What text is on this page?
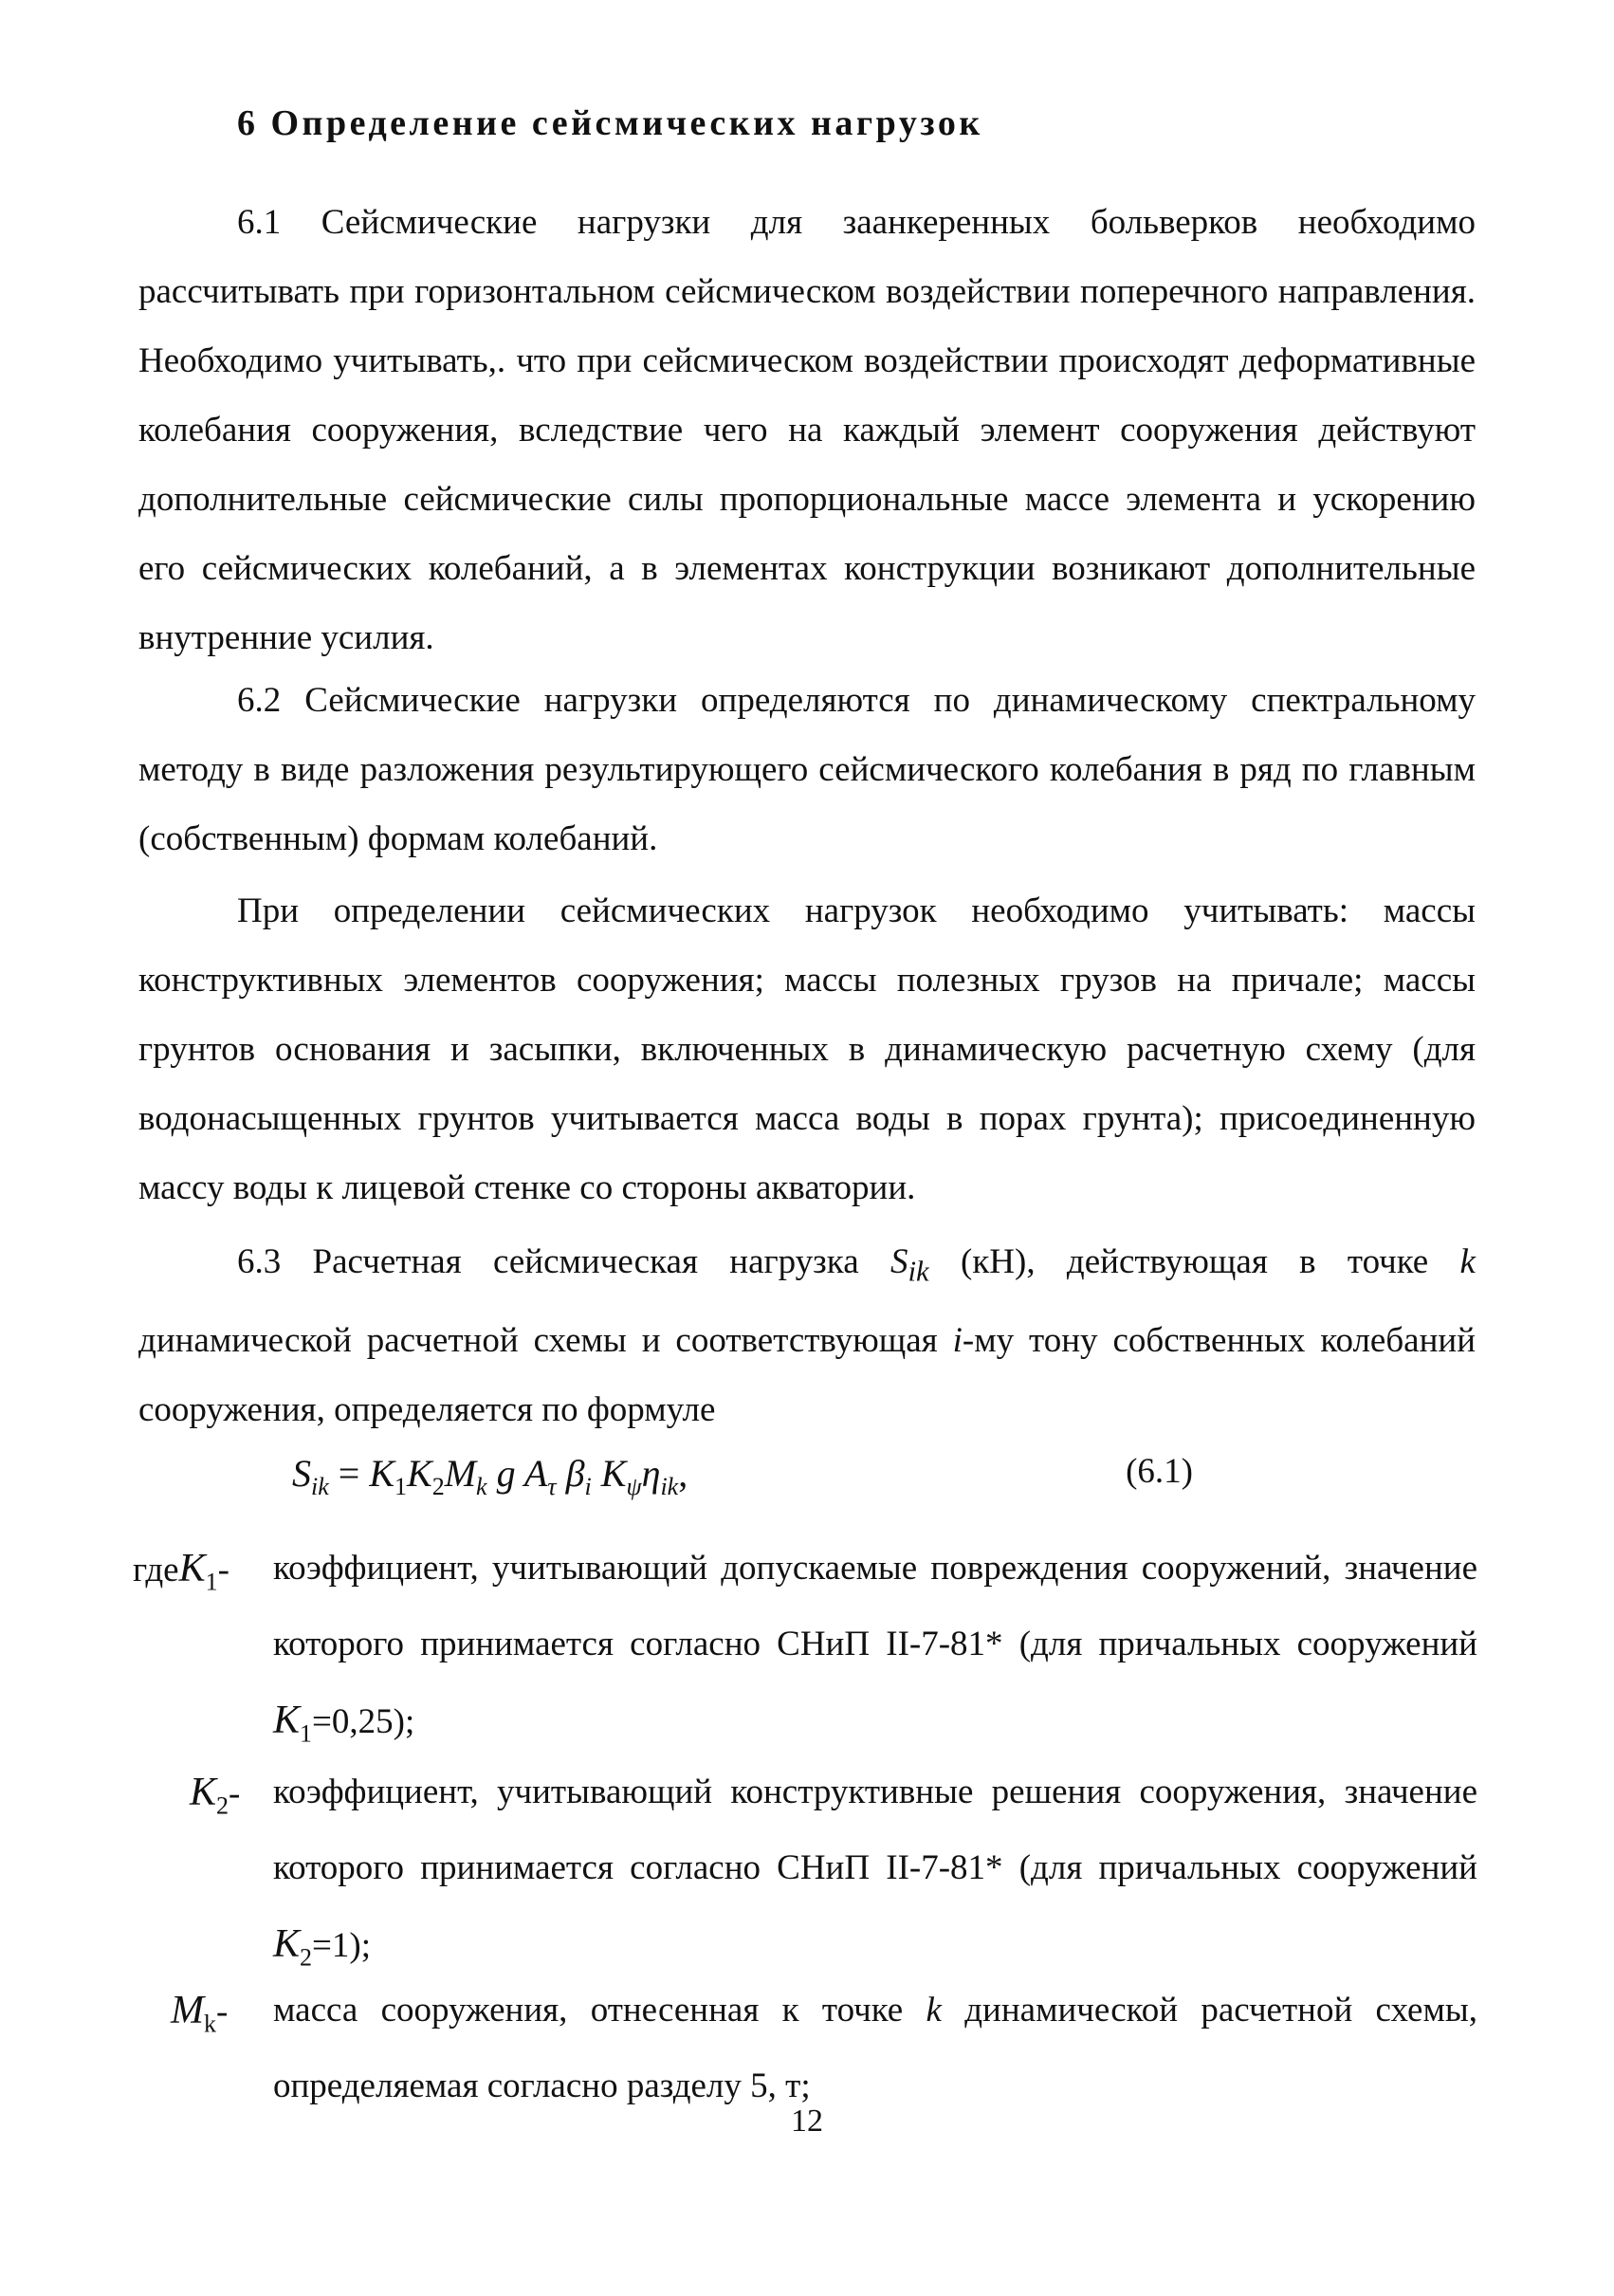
6 Определение сейсмических нагрузок

6.1 Сейсмические нагрузки для заанкеренных больверков необходимо рассчитывать при горизонтальном сейсмическом воздействии поперечного направления. Необходимо учитывать,. что при сейсмическом воздействии происходят деформативные колебания сооружения, вследствие чего на каждый элемент сооружения действуют дополнительные сейсмические силы пропорциональные массе элемента и ускорению его сейсмических колебаний, а в элементах конструкции возникают дополнительные внутренние усилия.

6.2 Сейсмические нагрузки определяются по динамическому спектральному методу в виде разложения результирующего сейсмического колебания в ряд по главным (собственным) формам колебаний.

При определении сейсмических нагрузок необходимо учитывать: массы конструктивных элементов сооружения; массы полезных грузов на причале; массы грунтов основания и засыпки, включенных в динамическую расчетную схему (для водонасыщенных грунтов учитывается масса воды в порах грунта); присоединенную массу воды к лицевой стенке со стороны акватории.

6.3 Расчетная сейсмическая нагрузка $S_{ik}$ (кН), действующая в точке k динамической расчетной схемы и соответствующая i-му тону собственных колебаний сооружения, определяется по формуле

$S_{ik} = K_1K_2M_k$ g $A_\tau$ $\beta_i$ $K_\psi\eta_{ik}$,	(6.1)
гдеK$_1$- коэффициент, учитывающий допускаемые повреждения сооружений, значение которого принимается согласно СНиП II-7-81* (для причальных сооружений $K_1=0,25$);
$K_2-$ коэффициент, учитывающий конструктивные решения сооружения, значение которого принимается согласно СНиП II-7-81* (для причальных сооружений $K_2=1$);
$M_k-$ масса сооружения, отнесенная к точке k динамической расчетной схемы, определяемая согласно разделу 5, т;
12
